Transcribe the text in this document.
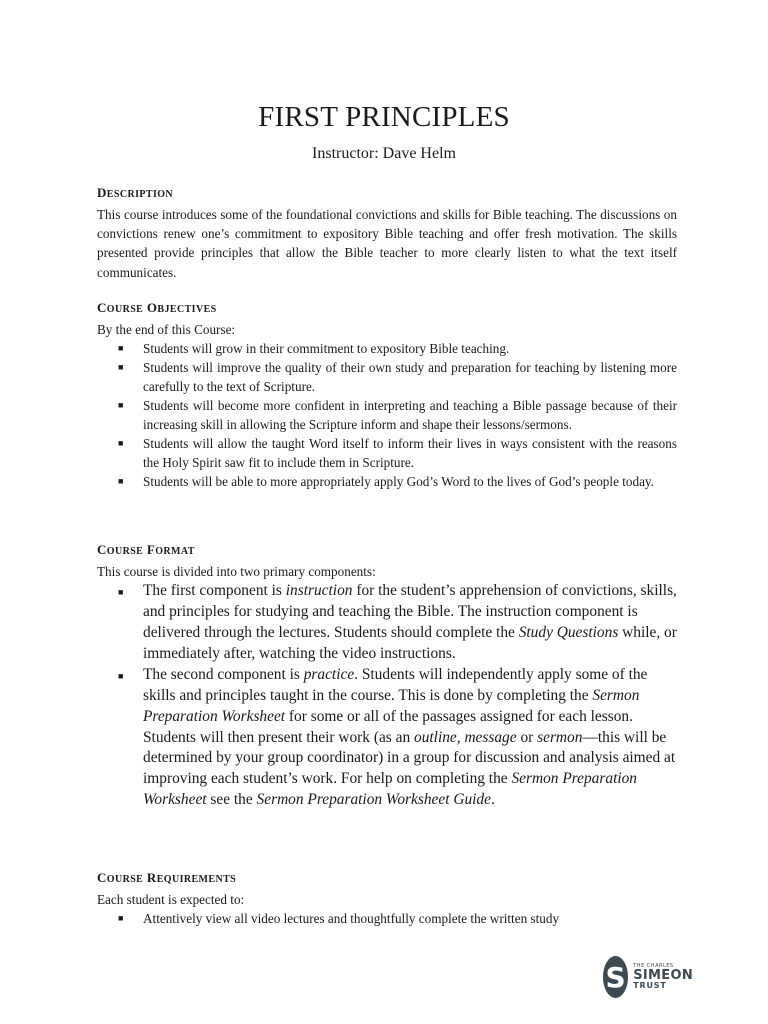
FIRST PRINCIPLES
Instructor: Dave Helm
DESCRIPTION
This course introduces some of the foundational convictions and skills for Bible teaching. The discussions on convictions renew one’s commitment to expository Bible teaching and offer fresh motivation. The skills presented provide principles that allow the Bible teacher to more clearly listen to what the text itself communicates.
COURSE OBJECTIVES
By the end of this Course:
■ Students will grow in their commitment to expository Bible teaching.
■ Students will improve the quality of their own study and preparation for teaching by listening more carefully to the text of Scripture.
■ Students will become more confident in interpreting and teaching a Bible passage because of their increasing skill in allowing the Scripture inform and shape their lessons/sermons.
■ Students will allow the taught Word itself to inform their lives in ways consistent with the reasons the Holy Spirit saw fit to include them in Scripture.
■ Students will be able to more appropriately apply God’s Word to the lives of God’s people today.
COURSE FORMAT
This course is divided into two primary components:
■ The first component is instruction for the student’s apprehension of convictions, skills, and principles for studying and teaching the Bible. The instruction component is delivered through the lectures. Students should complete the Study Questions while, or immediately after, watching the video instructions.
■ The second component is practice. Students will independently apply some of the skills and principles taught in the course. This is done by completing the Sermon Preparation Worksheet for some or all of the passages assigned for each lesson. Students will then present their work (as an outline, message or sermon—this will be determined by your group coordinator) in a group for discussion and analysis aimed at improving each student’s work. For help on completing the Sermon Preparation Worksheet see the Sermon Preparation Worksheet Guide.
COURSE REQUIREMENTS
Each student is expected to:
■ Attentively view all video lectures and thoughtfully complete the written study
S	THE CHARLES
SIMEON
TRUST
